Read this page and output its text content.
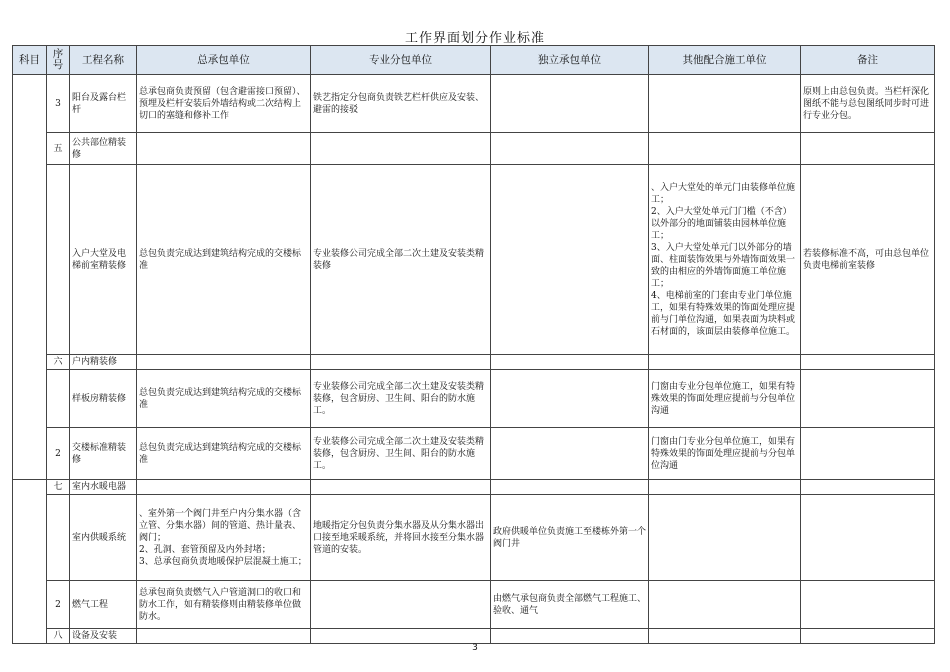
工作界面划分作业标准
科目	序号	工程名称	总承包单位	专业分包单位	独立承包单位	其他配合施工单位	备注
	3	阳台及露台栏杆	总承包商负责预留（包含避雷接口预留）、预埋及栏杆安装后外墙结构或二次结构上切口的塞缝和修补工作	铁艺指定分包商负责铁艺栏杆供应及安装、避雷的接驳			原则上由总包负责。当栏杆深化图纸不能与总包图纸同步时可进行专业分包。
	五	公共部位精装修					
		入户大堂及电梯前室精装修	总包负责完成达到建筑结构完成的交楼标准	专业装修公司完成全部二次土建及安装类精装修		、入户大堂处的单元门由装修单位施工；
2、入户大堂处单元门门槛（不含）以外部分的地面铺装由园林单位施工；
3、入户大堂处单元门以外部分的墙面、柱面装饰效果与外墙饰面效果一致的由相应的外墙饰面施工单位施工；
4、电梯前室的门套由专业门单位施工，如果有特殊效果的饰面处理应提前与门单位沟通，如果表面为块料或石材面的，该面层由装修单位施工。	若装修标准不高，可由总包单位负责电梯前室装修
	六	户内精装修					
		样板房精装修	总包负责完成达到建筑结构完成的交楼标准	专业装修公司完成全部二次土建及安装类精装修，包含厨房、卫生间、阳台的防水施工。		门窗由专业分包单位施工，如果有特殊效果的饰面处理应提前与分包单位沟通	
	2	交楼标准精装修	总包负责完成达到建筑结构完成的交楼标准	专业装修公司完成全部二次土建及安装类精装修，包含厨房、卫生间、阳台的防水施工。		门窗由门专业分包单位施工，如果有特殊效果的饰面处理应提前与分包单位沟通	
	七	室内水暖电器					
		室内供暖系统	、室外第一个阀门井至户内分集水器（含立管、分集水器）间的管道、热计量表、阀门；
2、孔洞、套管预留及内外封堵；
3、总承包商负责地暖保护层混凝土施工；	地暖指定分包负责分集水器及从分集水器出口接至地采暖系统，并将回水接至分集水器管道的安装。	政府供暖单位负责施工至楼栋外第一个阀门井		
	2	燃气工程	总承包商负责燃气入户管道洞口的收口和防水工作，如有精装修则由精装修单位做防水。		由燃气承包商负责全部燃气工程施工、验收、通气		
	八	设备及安装					
3
